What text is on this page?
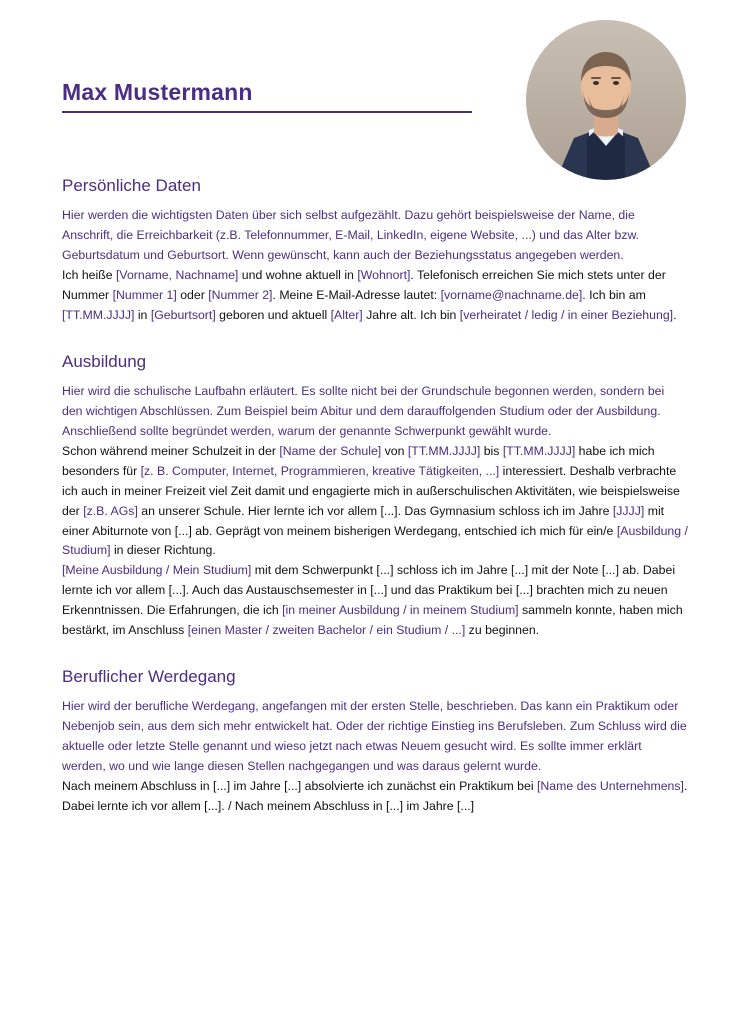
Max Mustermann
Persönliche Daten

Hier werden die wichtigsten Daten über sich selbst aufgezählt. Dazu gehört beispielsweise der Name, die Anschrift, die Erreichbarkeit (z.B. Telefonnummer, E-Mail, LinkedIn, eigene Website, ...) und das Alter bzw. Geburtsdatum und Geburtsort. Wenn gewünscht, kann auch der Beziehungsstatus angegeben werden.

Ich heiße [Vorname, Nachname] und wohne aktuell in [Wohnort]. Telefonisch erreichen Sie mich stets unter der Nummer [Nummer 1] oder [Nummer 2]. Meine E-Mail-Adresse lautet: [vorname@nachname.de]. Ich bin am [TT.MM.JJJJ] in [Geburtsort] geboren und aktuell [Alter] Jahre alt. Ich bin [verheiratet / ledig / in einer Beziehung].

Ausbildung

Hier wird die schulische Laufbahn erläutert. Es sollte nicht bei der Grundschule begonnen werden, sondern bei den wichtigen Abschlüssen. Zum Beispiel beim Abitur und dem darauffolgenden Studium oder der Ausbildung. Anschließend sollte begründet werden, warum der genannte Schwerpunkt gewählt wurde.

Schon während meiner Schulzeit in der [Name der Schule] von [TT.MM.JJJJ] bis [TT.MM.JJJJ] habe ich mich besonders für [z. B. Computer, Internet, Programmieren, kreative Tätigkeiten, ...] interessiert. Deshalb verbrachte ich auch in meiner Freizeit viel Zeit damit und engagierte mich in außerschulischen Aktivitäten, wie beispielsweise der [z.B. AGs] an unserer Schule. Hier lernte ich vor allem [...]. Das Gymnasium schloss ich im Jahre [JJJJ] mit einer Abiturnote von [...] ab. Geprägt von meinem bisherigen Werdegang, entschied ich mich für ein/e [Ausbildung / Studium] in dieser Richtung.

[Meine Ausbildung / Mein Studium] mit dem Schwerpunkt [...] schloss ich im Jahre [...] mit der Note [...] ab. Dabei lernte ich vor allem [...]. Auch das Austauschsemester in [...] und das Praktikum bei [...] brachten mich zu neuen Erkenntnissen. Die Erfahrungen, die ich [in meiner Ausbildung / in meinem Studium] sammeln konnte, haben mich bestärkt, im Anschluss [einen Master / zweiten Bachelor / ein Studium / ...] zu beginnen.

Beruflicher Werdegang

Hier wird der berufliche Werdegang, angefangen mit der ersten Stelle, beschrieben. Das kann ein Praktikum oder Nebenjob sein, aus dem sich mehr entwickelt hat. Oder der richtige Einstieg ins Berufsleben. Zum Schluss wird die aktuelle oder letzte Stelle genannt und wieso jetzt nach etwas Neuem gesucht wird. Es sollte immer erklärt werden, wo und wie lange diesen Stellen nachgegangen und was daraus gelernt wurde.

Nach meinem Abschluss in [...] im Jahre [...] absolvierte ich zunächst ein Praktikum bei [Name des Unternehmens]. Dabei lernte ich vor allem [...]. / Nach meinem Abschluss in [...] im Jahre [...]
